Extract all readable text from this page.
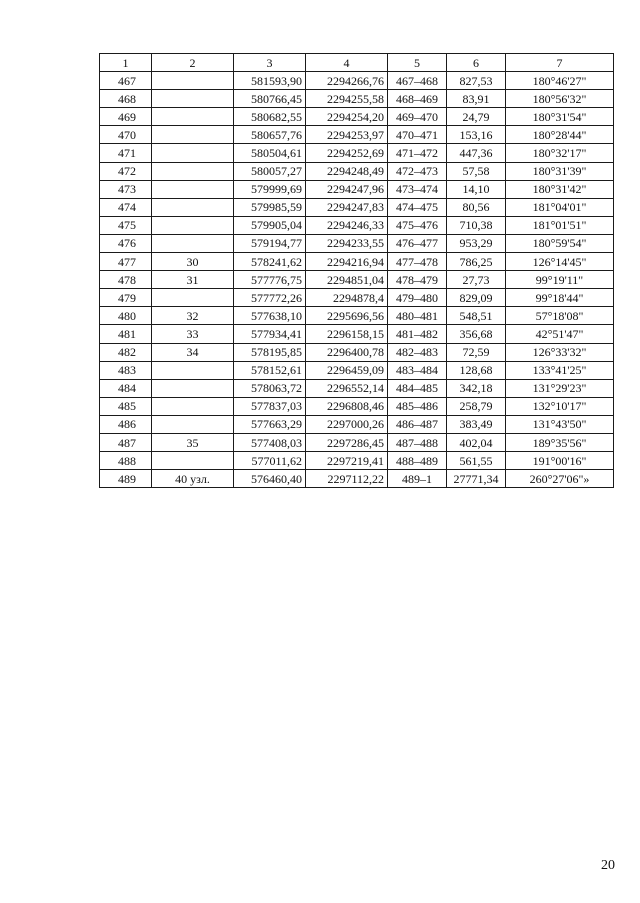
1	2	3	4	5	6	7
467		581593,90	2294266,76	467–468	827,53	180°46'27"
468		580766,45	2294255,58	468–469	83,91	180°56'32"
469		580682,55	2294254,20	469–470	24,79	180°31'54"
470		580657,76	2294253,97	470–471	153,16	180°28'44"
471		580504,61	2294252,69	471–472	447,36	180°32'17"
472		580057,27	2294248,49	472–473	57,58	180°31'39"
473		579999,69	2294247,96	473–474	14,10	180°31'42"
474		579985,59	2294247,83	474–475	80,56	181°04'01"
475		579905,04	2294246,33	475–476	710,38	181°01'51"
476		579194,77	2294233,55	476–477	953,29	180°59'54"
477	30	578241,62	2294216,94	477–478	786,25	126°14'45"
478	31	577776,75	2294851,04	478–479	27,73	99°19'11"
479		577772,26	2294878,4	479–480	829,09	99°18'44"
480	32	577638,10	2295696,56	480–481	548,51	57°18'08"
481	33	577934,41	2296158,15	481–482	356,68	42°51'47"
482	34	578195,85	2296400,78	482–483	72,59	126°33'32"
483		578152,61	2296459,09	483–484	128,68	133°41'25"
484		578063,72	2296552,14	484–485	342,18	131°29'23"
485		577837,03	2296808,46	485–486	258,79	132°10'17"
486		577663,29	2297000,26	486–487	383,49	131°43'50"
487	35	577408,03	2297286,45	487–488	402,04	189°35'56"
488		577011,62	2297219,41	488–489	561,55	191°00'16"
489	40 узл.	576460,40	2297112,22	489–1	27771,34	260°27'06"»
20
